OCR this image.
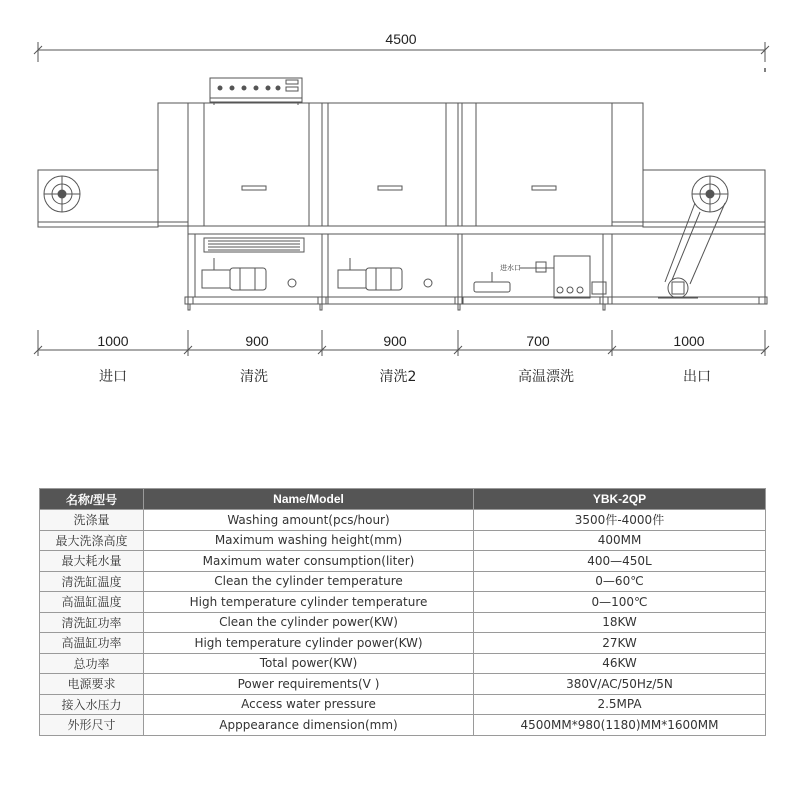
进水口
4500
1000	900	900	700	1000
进口	清洗	清洗2	高温漂洗	出口
名称/型号	Name/Model	YBK-2QP
洗涤量	Washing amount(pcs/hour)	3500件-4000件
最大洗涤高度	Maximum washing height(mm)	400MM
最大耗水量	Maximum water consumption(liter)	400—450L
清洗缸温度	Clean the cylinder temperature	0—60℃
高温缸温度	High temperature cylinder temperature	0—100℃
清洗缸功率	Clean the cylinder power(KW)	18KW
高温缸功率	High temperature cylinder power(KW)	27KW
总功率	Total power(KW)	46KW
电源要求	Power requirements(V )	380V/AC/50Hz/5N
接入水压力	Access water pressure	2.5MPA
外形尺寸	Apppearance dimension(mm)	4500MM*980(1180)MM*1600MM
